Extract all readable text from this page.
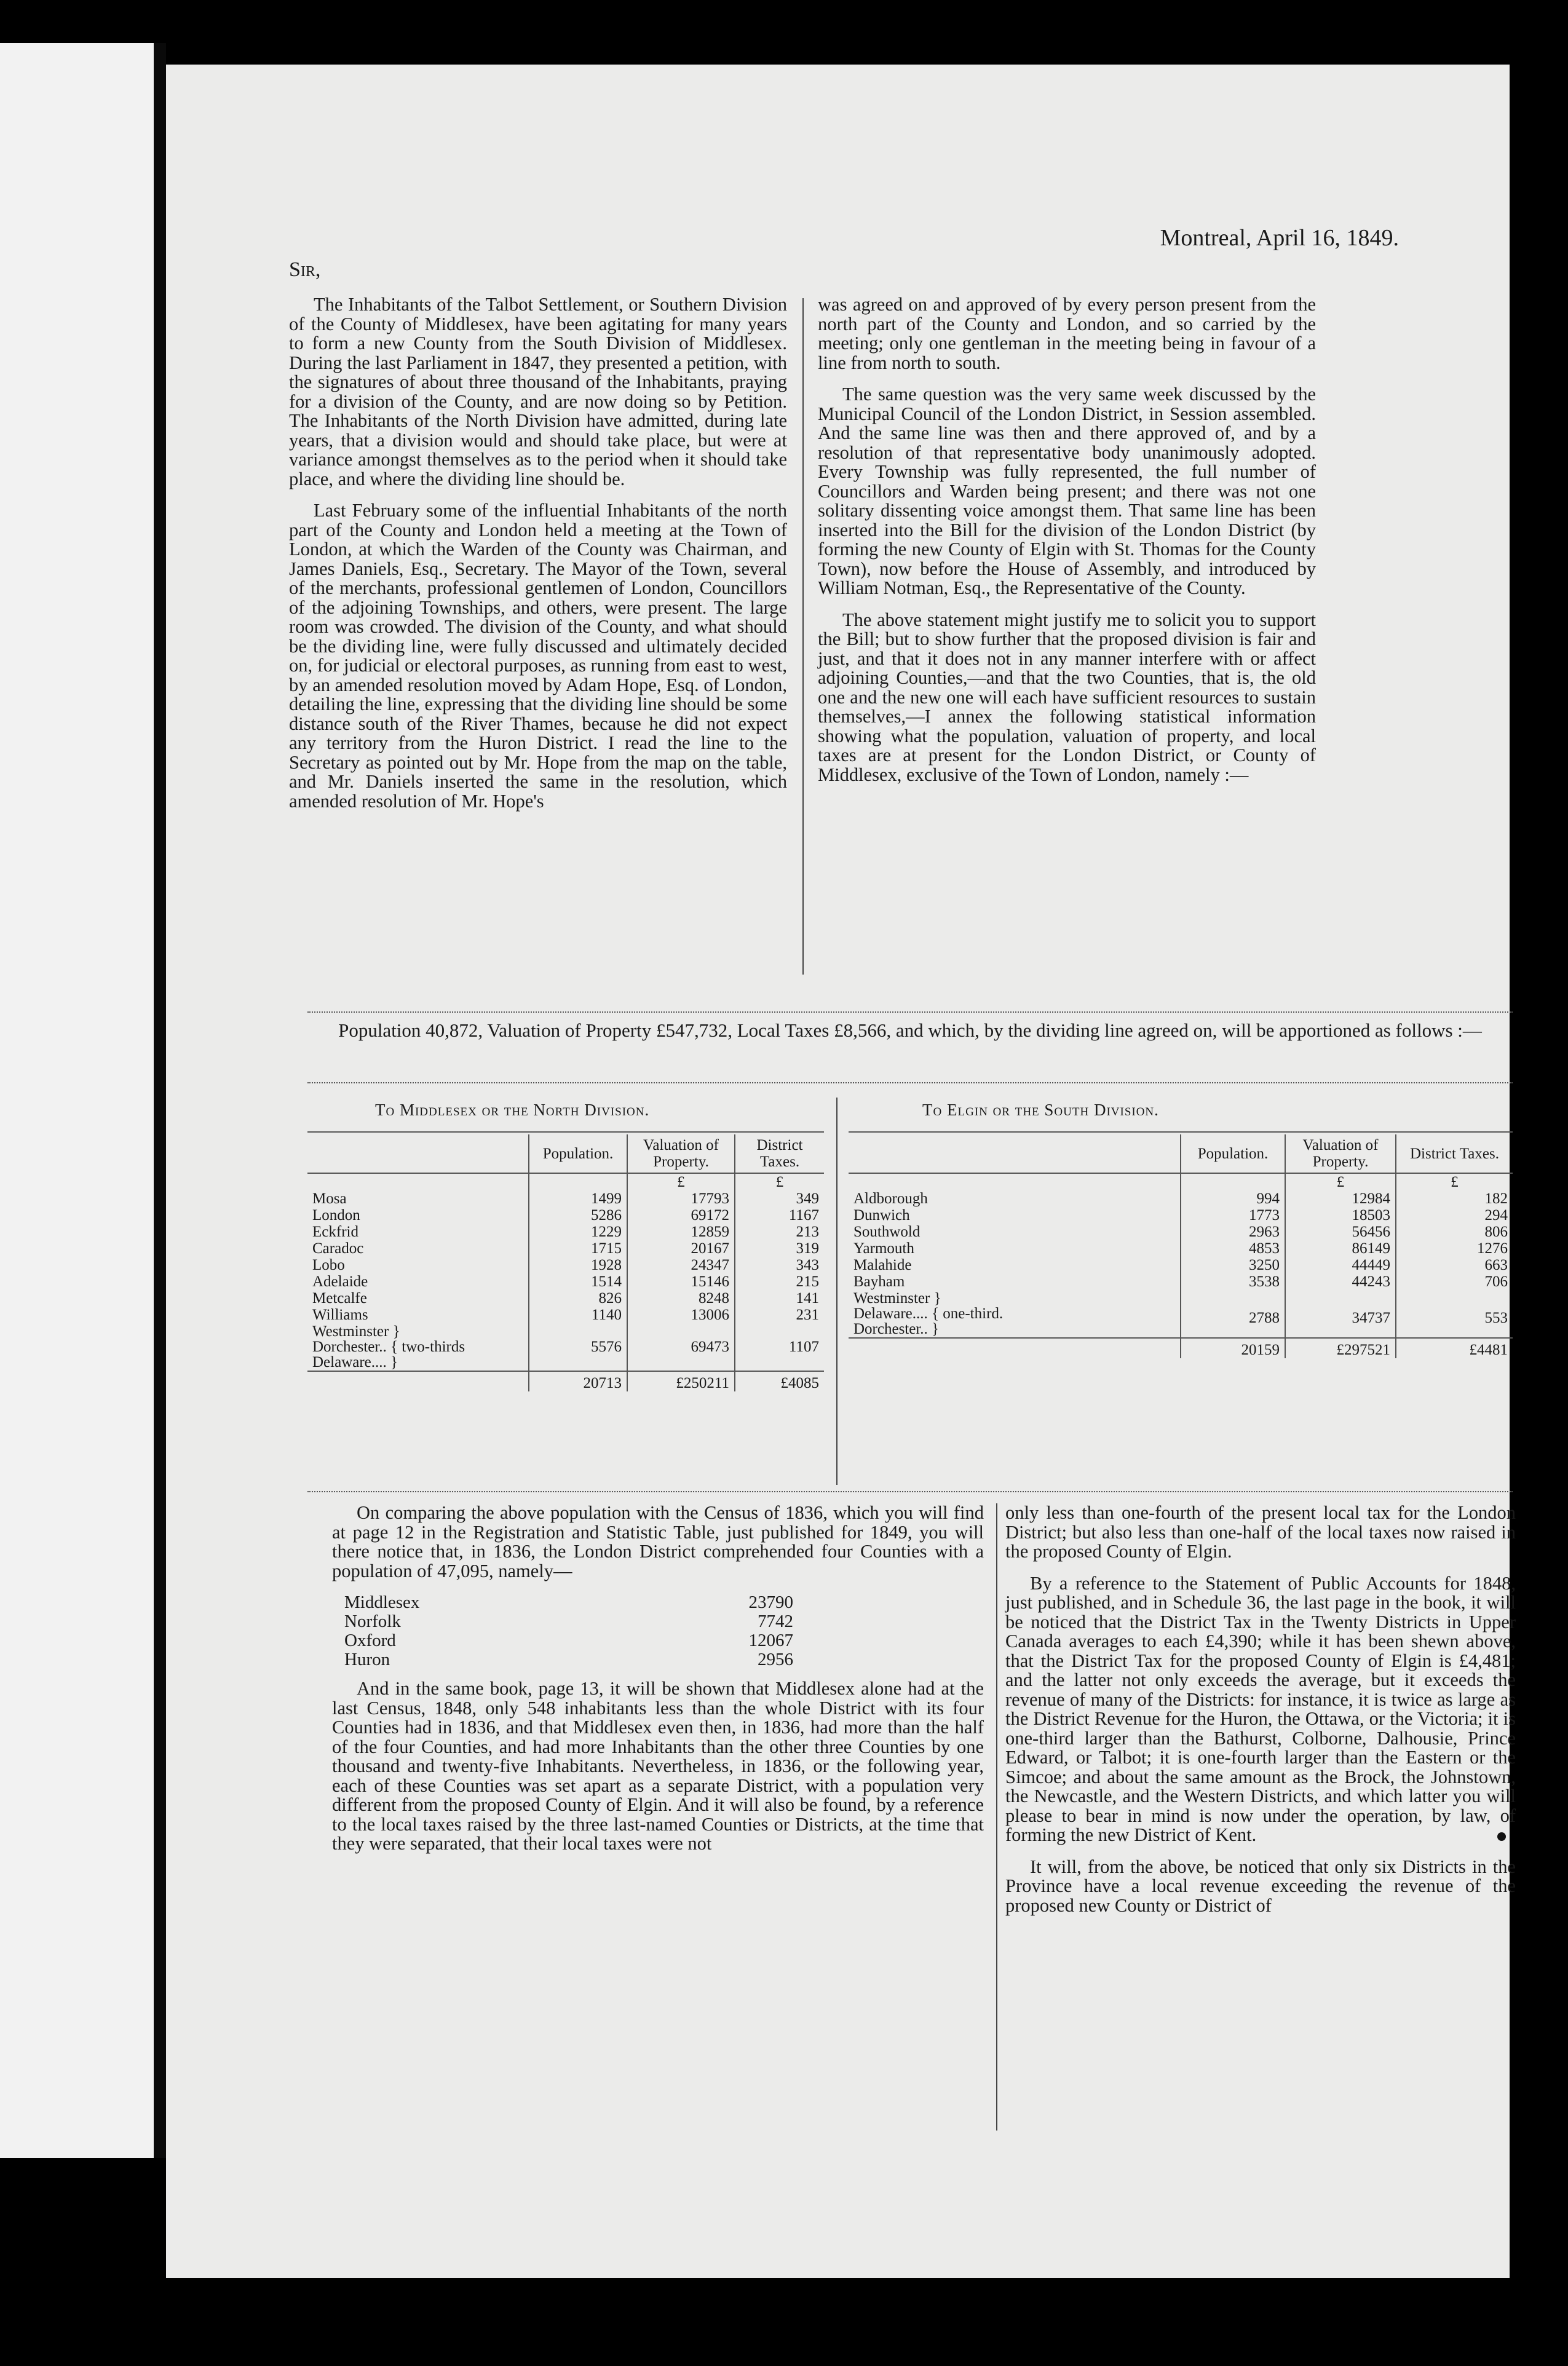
Montreal, April 16, 1849.
Sir,

The Inhabitants of the Talbot Settlement, or Southern Division of the County of Middlesex, have been agitating for many years to form a new County from the South Division of Middlesex. During the last Parliament in 1847, they presented a petition, with the signatures of about three thousand of the Inhabitants, praying for a division of the County, and are now doing so by Petition. The Inhabitants of the North Division have admitted, during late years, that a division would and should take place, but were at variance amongst themselves as to the period when it should take place, and where the dividing line should be.

Last February some of the influential Inhabitants of the north part of the County and London held a meeting at the Town of London, at which the Warden of the County was Chairman, and James Daniels, Esq., Secretary. The Mayor of the Town, several of the merchants, professional gentlemen of London, Councillors of the adjoining Townships, and others, were present. The large room was crowded. The division of the County, and what should be the dividing line, were fully discussed and ultimately decided on, for judicial or electoral purposes, as running from east to west, by an amended resolution moved by Adam Hope, Esq. of London, detailing the line, expressing that the dividing line should be some distance south of the River Thames, because he did not expect any territory from the Huron District. I read the line to the Secretary as pointed out by Mr. Hope from the map on the table, and Mr. Daniels inserted the same in the resolution, which amended resolution of Mr. Hope's

was agreed on and approved of by every person present from the north part of the County and London, and so carried by the meeting; only one gentleman in the meeting being in favour of a line from north to south.

The same question was the very same week discussed by the Municipal Council of the London District, in Session assembled. And the same line was then and there approved of, and by a resolution of that representative body unanimously adopted. Every Township was fully represented, the full number of Councillors and Warden being present; and there was not one solitary dissenting voice amongst them. That same line has been inserted into the Bill for the division of the London District (by forming the new County of Elgin with St. Thomas for the County Town), now before the House of Assembly, and introduced by William Notman, Esq., the Representative of the County.

The above statement might justify me to solicit you to support the Bill; but to show further that the proposed division is fair and just, and that it does not in any manner interfere with or affect adjoining Counties,—and that the two Counties, that is, the old one and the new one will each have sufficient resources to sustain themselves,—I annex the following statistical information showing what the population, valuation of property, and local taxes are at present for the London District, or County of Middlesex, exclusive of the Town of London, namely :—

Population 40,872, Valuation of Property £547,732, Local Taxes £8,566, and which, by the dividing line agreed on, will be apportioned as follows :—
To Middlesex or the North Division.
	Population.	Valuation of Property.	District Taxes.
		£	£
Mosa	1499	17793	349
London	5286	69172	1167
Eckfrid	1229	12859	213
Caradoc	1715	20167	319
Lobo	1928	24347	343
Adelaide	1514	15146	215
Metcalfe	826	8248	141
Williams	1140	13006	231
Westminster }
Dorchester.. { two-thirds
Delaware.... }	5576	69473	1107
	20713	£250211	£4085
To Elgin or the South Division.
	Population.	Valuation of Property.	District Taxes.
		£	£
Aldborough	994	12984	182
Dunwich	1773	18503	294
Southwold	2963	56456	806
Yarmouth	4853	86149	1276
Malahide	3250	44449	663
Bayham	3538	44243	706
Westminster }
Delaware.... { one-third.
Dorchester.. }	2788	34737	553
	20159	£297521	£4481

On comparing the above population with the Census of 1836, which you will find at page 12 in the Registration and Statistic Table, just published for 1849, you will there notice that, in 1836, the London District comprehended four Counties with a population of 47,095, namely—

Middlesex	23790
Norfolk	7742
Oxford	12067
Huron	2956

And in the same book, page 13, it will be shown that Middlesex alone had at the last Census, 1848, only 548 inhabitants less than the whole District with its four Counties had in 1836, and that Middlesex even then, in 1836, had more than the half of the four Counties, and had more Inhabitants than the other three Counties by one thousand and twenty-five Inhabitants. Nevertheless, in 1836, or the following year, each of these Counties was set apart as a separate District, with a population very different from the proposed County of Elgin. And it will also be found, by a reference to the local taxes raised by the three last-named Counties or Districts, at the time that they were separated, that their local taxes were not

only less than one-fourth of the present local tax for the London District; but also less than one-half of the local taxes now raised in the proposed County of Elgin.

By a reference to the Statement of Public Accounts for 1848, just published, and in Schedule 36, the last page in the book, it will be noticed that the District Tax in the Twenty Districts in Upper Canada averages to each £4,390; while it has been shewn above, that the District Tax for the proposed County of Elgin is £4,481; and the latter not only exceeds the average, but it exceeds the revenue of many of the Districts: for instance, it is twice as large as the District Revenue for the Huron, the Ottawa, or the Victoria; it is one-third larger than the Bathurst, Colborne, Dalhousie, Prince Edward, or Talbot; it is one-fourth larger than the Eastern or the Simcoe; and about the same amount as the Brock, the Johnstown, the Newcastle, and the Western Districts, and which latter you will please to bear in mind is now under the operation, by law, of forming the new District of Kent.

It will, from the above, be noticed that only six Districts in the Province have a local revenue exceeding the revenue of the proposed new County or District of
